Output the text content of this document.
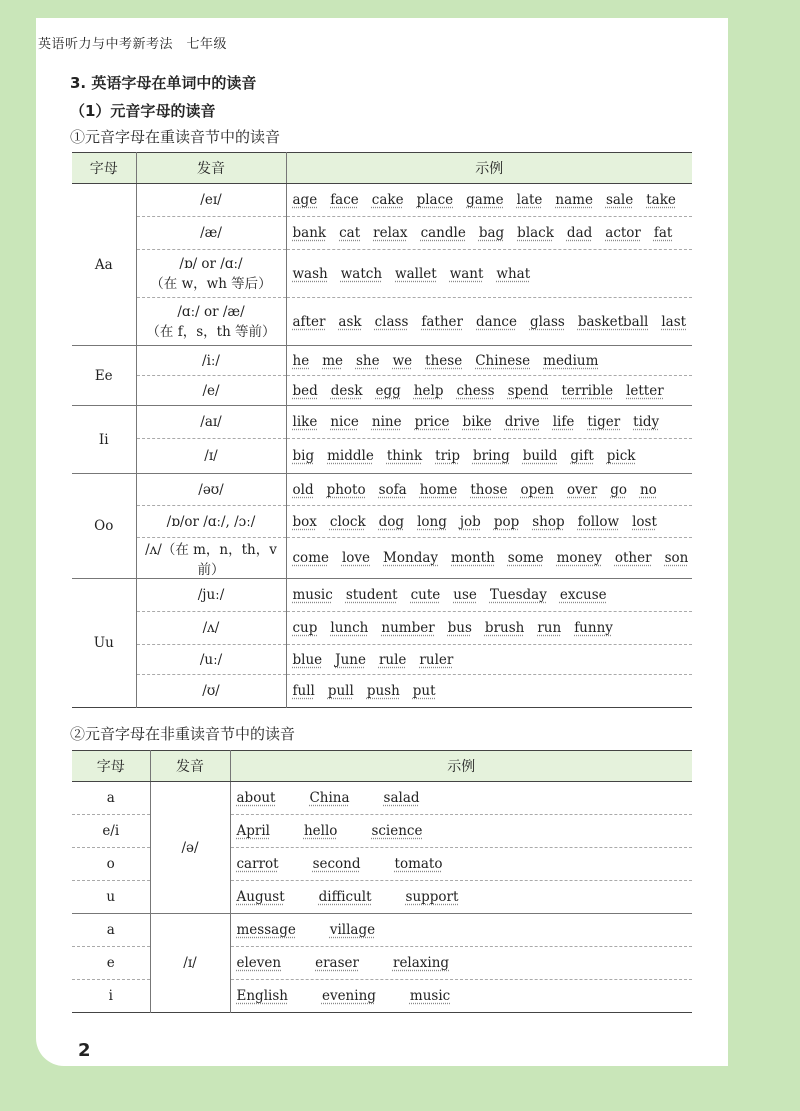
英语听力与中考新考法　七年级
3. 英语字母在单词中的读音
（1）元音字母的读音
①元音字母在重读音节中的读音
字母	发音	示例
Aa	/eɪ/	age face cake place game late name sale take

	/æ/	bank cat relax candle bag black dad actor fat

	/ɒ/ or /ɑː/
（在 w，wh 等后）	wash watch wallet want what

	/ɑː/ or /æ/
（在 f，s，th 等前）	after ask class father dance glass basketball last
Ee	/iː/	he me she we these Chinese medium

	/e/	bed desk egg help chess spend terrible letter
Ii	/aɪ/	like nice nine price bike drive life tiger tidy

	/ɪ/	big middle think trip bring build gift pick
Oo	/əʊ/	old photo sofa home those open over go no

	/ɒ/or /ɑː/, /ɔː/	box clock dog long job pop shop follow lost

	/ʌ/（在 m，n，th，v 前）	come love Monday month some money other son
Uu	/juː/	music student cute use Tuesday excuse

	/ʌ/	cup lunch number bus brush run funny

	/uː/	blue June rule ruler

	/ʊ/	full pull push put
②元音字母在非重读音节中的读音
字母	发音	示例
a	/ə/	about China salad
e/i		April hello science
o		carrot second tomato
u		August difficult support
a	/ɪ/	message village
e		eleven eraser relaxing
i		English evening music
2
